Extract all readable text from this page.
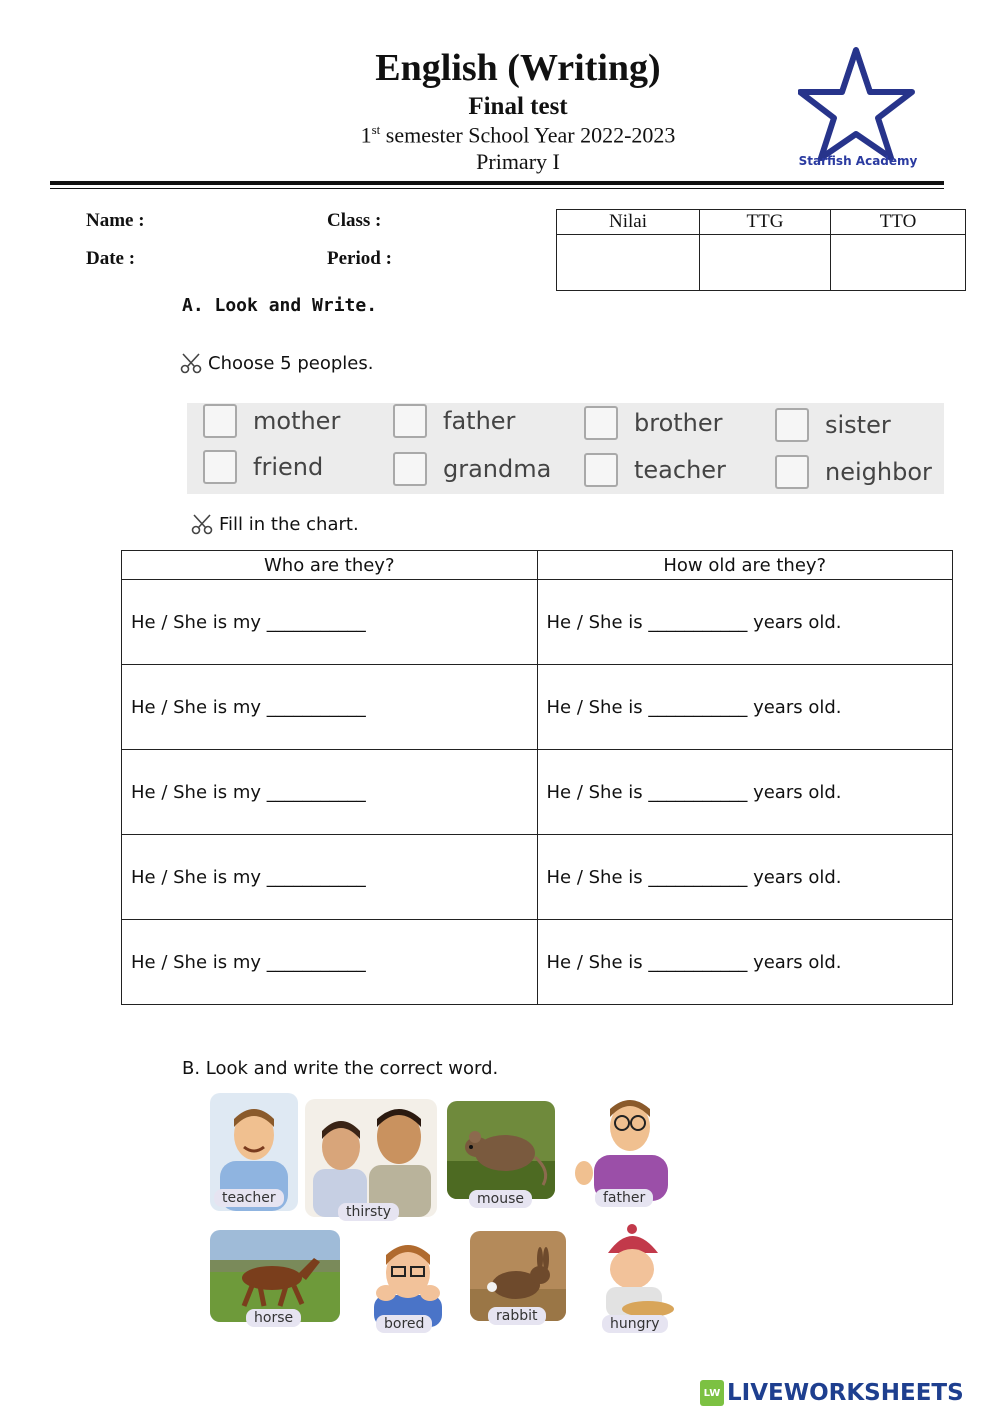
English (Writing)
Final test
1st semester School Year 2022-2023
Primary I	Starfish Academy
Name :	Class :
Date :	Period :
Nilai	TTG	TTO

A. Look and Write.
Choose 5 peoples.
mother	father	brother	sister
friend	grandma	teacher	neighbor
Fill in the chart.
Who are they?	How old are they?
He / She is my ___________	He / She is ___________ years old.
He / She is my ___________	He / She is ___________ years old.
He / She is my ___________	He / She is ___________ years old.
He / She is my ___________	He / She is ___________ years old.
He / She is my ___________	He / She is ___________ years old.
B. Look and write the correct word.
teacher
thirsty
mouse	father
horse	bored	rabbit	hungry
LW LIVEWORKSHEETS
